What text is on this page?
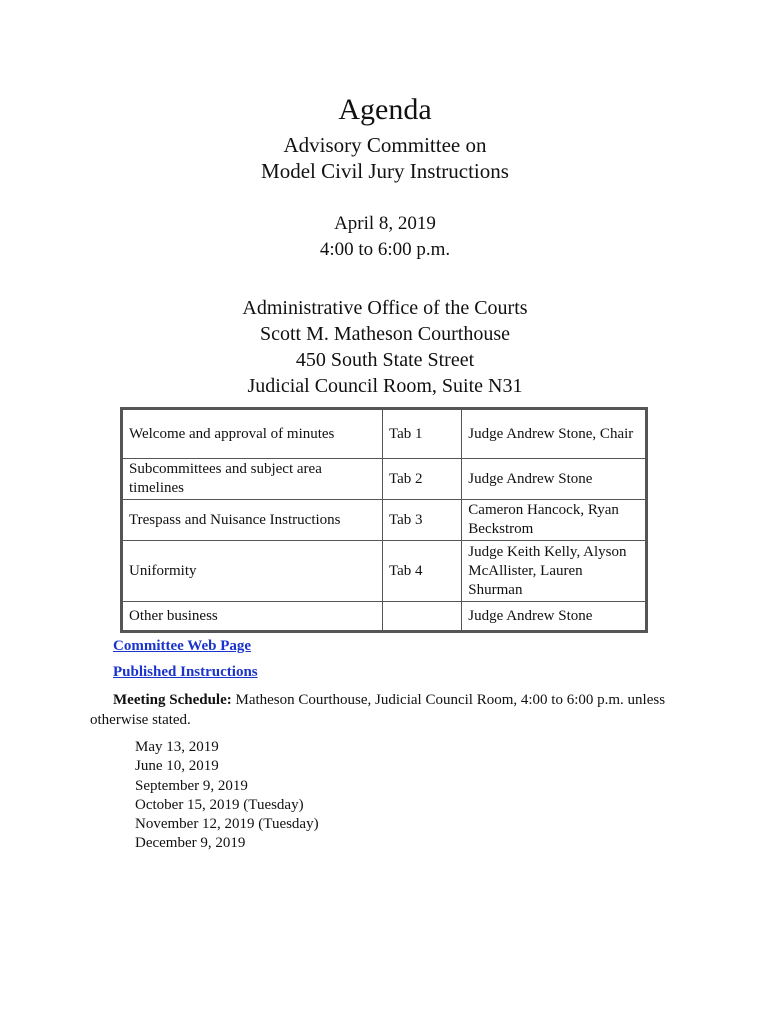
Agenda
Advisory Committee on
Model Civil Jury Instructions
April 8, 2019
4:00 to 6:00 p.m.
Administrative Office of the Courts
Scott M. Matheson Courthouse
450 South State Street
Judicial Council Room, Suite N31
Welcome and approval of minutes	Tab 1	Judge Andrew Stone, Chair
Subcommittees and subject area timelines	Tab 2	Judge Andrew Stone
Trespass and Nuisance Instructions	Tab 3	Cameron Hancock, Ryan Beckstrom
Uniformity	Tab 4	Judge Keith Kelly, Alyson McAllister, Lauren Shurman
Other business		Judge Andrew Stone
Committee Web Page
Published Instructions
Meeting Schedule: Matheson Courthouse, Judicial Council Room, 4:00 to 6:00 p.m. unless otherwise stated.
May 13, 2019
June 10, 2019
September 9, 2019
October 15, 2019 (Tuesday)
November 12, 2019 (Tuesday)
December 9, 2019
